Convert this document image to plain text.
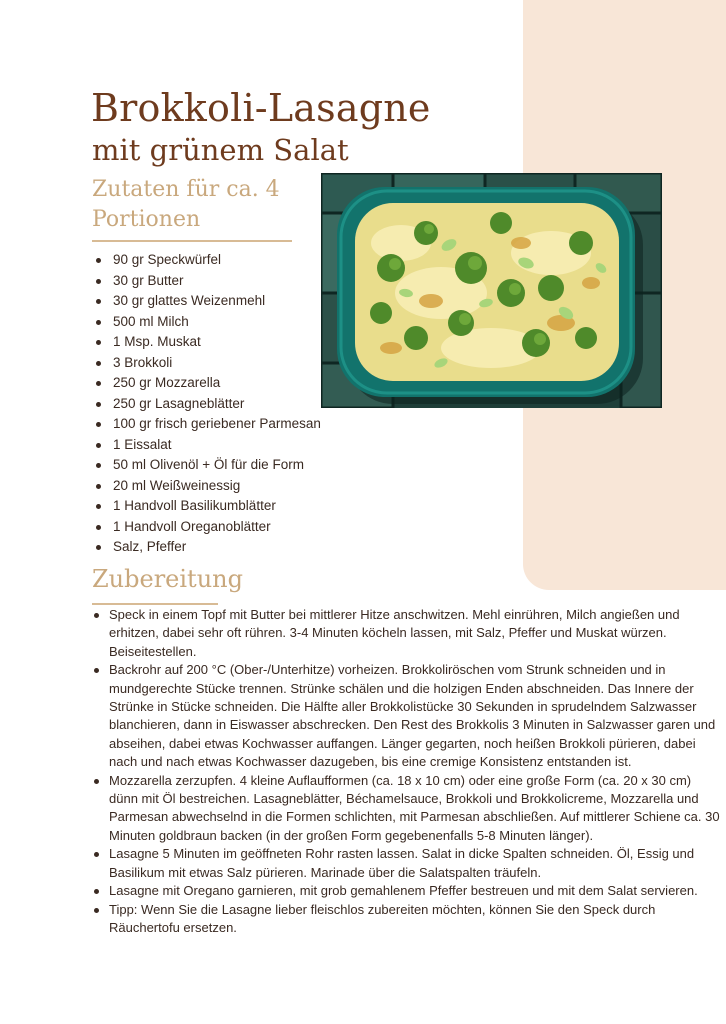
Brokkoli-Lasagne
mit grünem Salat
Zutaten für ca. 4 Portionen
90 gr Speckwürfel
30 gr Butter
30 gr glattes Weizenmehl
500 ml Milch
1 Msp. Muskat
3 Brokkoli
250 gr Mozzarella
250 gr Lasagneblätter
100 gr frisch geriebener Parmesan
1 Eissalat
50 ml Olivenöl + Öl für die Form
20 ml Weißweinessig
1 Handvoll Basilikumblätter
1 Handvoll Oreganoblätter
Salz, Pfeffer
Zubereitung
Speck in einem Topf mit Butter bei mittlerer Hitze anschwitzen. Mehl einrühren, Milch angießen und erhitzen, dabei sehr oft rühren. 3-4 Minuten köcheln lassen, mit Salz, Pfeffer und Muskat würzen. Beiseitestellen.
Backrohr auf 200 °C (Ober-/Unterhitze) vorheizen. Brokkoliröschen vom Strunk schneiden und in mundgerechte Stücke trennen. Strünke schälen und die holzigen Enden abschneiden. Das Innere der Strünke in Stücke schneiden. Die Hälfte aller Brokkolistücke 30 Sekunden in sprudelndem Salzwasser blanchieren, dann in Eiswasser abschrecken. Den Rest des Brokkolis 3 Minuten in Salzwasser garen und abseihen, dabei etwas Kochwasser auffangen. Länger gegarten, noch heißen Brokkoli pürieren, dabei nach und nach etwas Kochwasser dazugeben, bis eine cremige Konsistenz entstanden ist.
Mozzarella zerzupfen. 4 kleine Auflaufformen (ca. 18 x 10 cm) oder eine große Form (ca. 20 x 30 cm) dünn mit Öl bestreichen. Lasagneblätter, Béchamelsauce, Brokkoli und Brokkolicreme, Mozzarella und Parmesan abwechselnd in die Formen schlichten, mit Parmesan abschließen. Auf mittlerer Schiene ca. 30 Minuten goldbraun backen (in der großen Form gegebenenfalls 5-8 Minuten länger).
Lasagne 5 Minuten im geöffneten Rohr rasten lassen. Salat in dicke Spalten schneiden. Öl, Essig und Basilikum mit etwas Salz pürieren. Marinade über die Salatspalten träufeln.
Lasagne mit Oregano garnieren, mit grob gemahlenem Pfeffer bestreuen und mit dem Salat servieren.
Tipp: Wenn Sie die Lasagne lieber fleischlos zubereiten möchten, können Sie den Speck durch Räuchertofu ersetzen.
